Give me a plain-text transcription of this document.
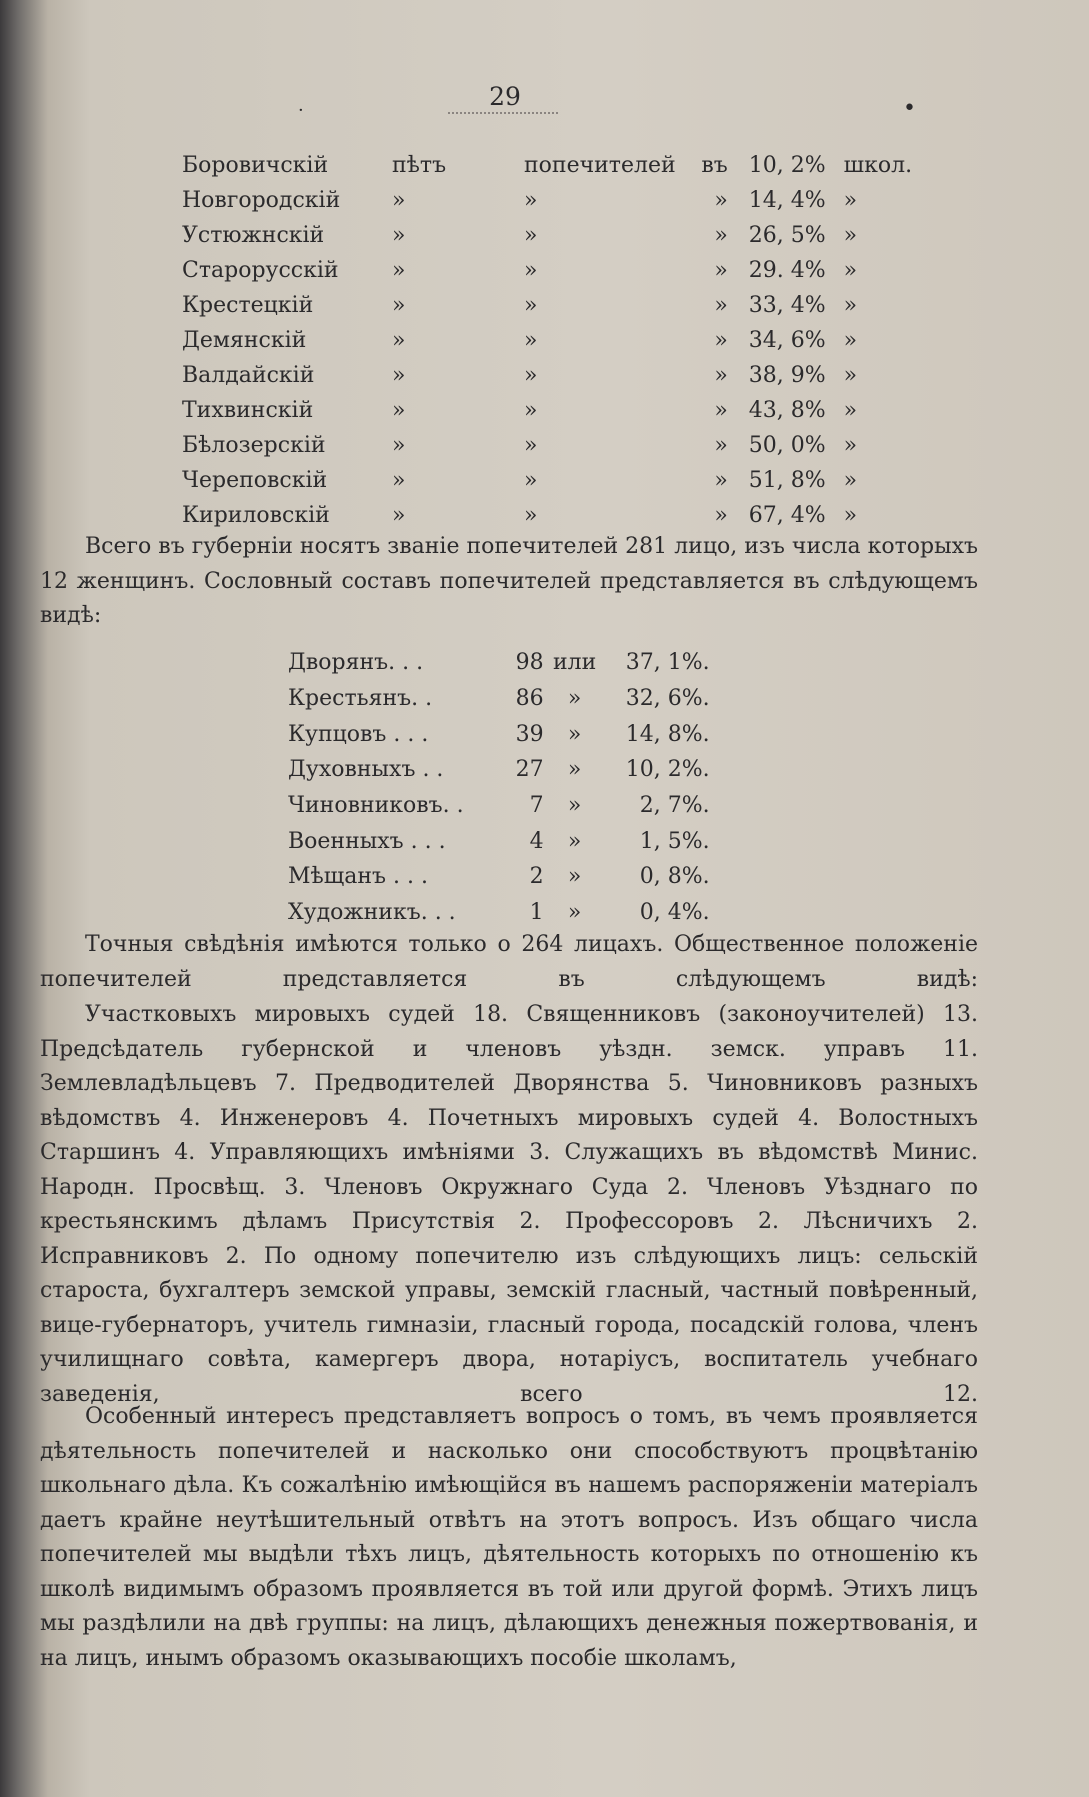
29
·	•
Боровичскій	пѣтъ	попечителей	въ 10, 2%	школ.
Новгородскій	»	»	» 14, 4%	»
Устюжнскій	»	»	» 26, 5%	»
Старорусскій	»	»	» 29. 4%	»
Крестецкій	»	»	» 33, 4%	»
Демянскій	»	»	» 34, 6%	»
Валдайскій	»	»	» 38, 9%	»
Тихвинскій	»	»	» 43, 8%	»
Бѣлозерскій	»	»	» 50, 0%	»
Череповскій	»	»	» 51, 8%	»
Кириловскій	»	»	» 67, 4%	»

Всего въ губерніи носятъ званіе попечителей 281 лицо, изъ числа которыхъ 12 женщинъ. Сословный составъ попечителей представляется въ слѣдующемъ видѣ:

Дворянъ. . .	98	или	37, 1%.
Крестьянъ. .	86	»	32, 6%.
Купцовъ . . .	39	»	14, 8%.
Духовныхъ . .	27	»	10, 2%.
Чиновниковъ. .	7	»	2, 7%.
Военныхъ . . .	4	»	1, 5%.
Мѣщанъ . . .	2	»	0, 8%.
Художникъ. . .	1	»	0, 4%.

Точныя свѣдѣнія имѣются только о 264 лицахъ. Общественное положеніе попечителей представляется въ слѣдующемъ видѣ:

Участковыхъ мировыхъ судей 18. Священниковъ (законоучителей) 13. Предсѣдатель губернской и членовъ уѣздн. земск. управъ 11. Землевладѣльцевъ 7. Предводителей Дворянства 5. Чиновниковъ разныхъ вѣдомствъ 4. Инженеровъ 4. Почетныхъ мировыхъ судей 4. Волостныхъ Старшинъ 4. Управляющихъ имѣніями 3. Служащихъ въ вѣдомствѣ Минис. Народн. Просвѣщ. 3. Членовъ Окружнаго Суда 2. Членовъ Уѣзднаго по крестьянскимъ дѣламъ Присутствія 2. Профессоровъ 2. Лѣсничихъ 2. Исправниковъ 2. По одному попечителю изъ слѣдующихъ лицъ: сельскій староста, бухгалтеръ земской управы, земскій гласный, частный повѣренный, вице-губернаторъ, учитель гимназіи, гласный города, посадскій голова, членъ училищнаго совѣта, камергеръ двора, нотаріусъ, воспитатель учебнаго заведенія, всего 12.

Особенный интересъ представляетъ вопросъ о томъ, въ чемъ проявляется дѣятельность попечителей и насколько они способствуютъ процвѣтанію школьнаго дѣла. Къ сожалѣнію имѣющійся въ нашемъ распоряженіи матеріалъ даетъ крайне неутѣшительный отвѣтъ на этотъ вопросъ. Изъ общаго числа попечителей мы выдѣли тѣхъ лицъ, дѣятельность которыхъ по отношенію къ школѣ видимымъ образомъ проявляется въ той или другой формѣ. Этихъ лицъ мы раздѣлили на двѣ группы: на лицъ, дѣлающихъ денежныя пожертвованія, и на лицъ, инымъ образомъ оказывающихъ пособіе школамъ,
